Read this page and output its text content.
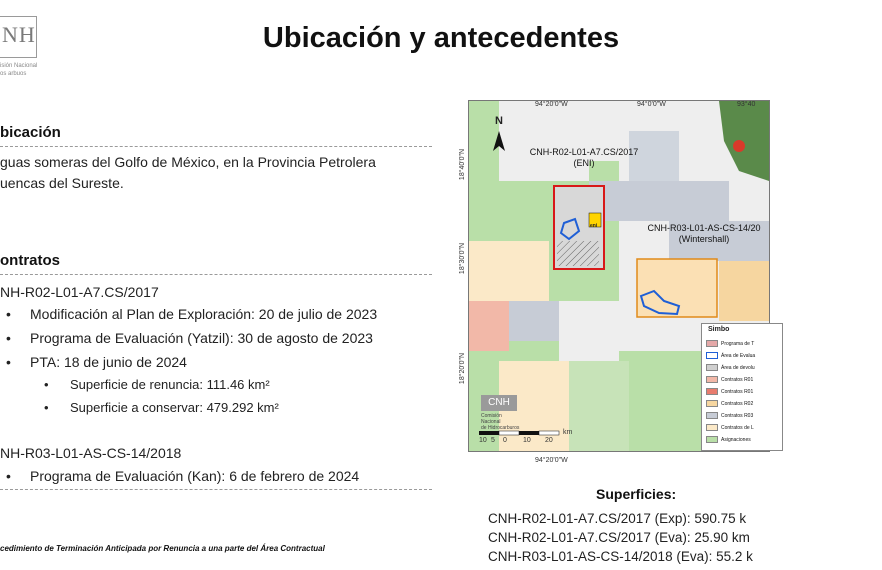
NH
isión Nacional
os arbuos
Ubicación y antecedentes
bicación
guas someras del Golfo de México, en la Provincia Petrolera
uencas del Sureste.
ontratos
NH-R02-L01-A7.CS/2017
• Modificación al Plan de Exploración: 20 de julio de 2023
• Programa de Evaluación (Yatzil): 30 de agosto de 2023
• PTA: 18 de junio de 2024
• Superficie de renuncia: 111.46 km²
• Superficie a conservar: 479.292 km²
NH-R03-L01-AS-CS-14/2018
• Programa de Evaluación (Kan): 6 de febrero de 2024
cedimiento de Terminación Anticipada por Renuncia a una parte del Área Contractual
94°20'0"W	94°0'0"W	93°40
94°20'0"W
18°40'0"N
18°30'0"N
18°20'0"N
N
CNH-R02-L01-A7.CS/2017
(ENI)
eni	CNH-R03-L01-AS-CS-14/20
(Wintershall)
Simbo
Programa de T
Área de Evalua
Área de devolu
Contratos R01
Contratos R01
Contratos R02
Contratos R03
Contratos de L
Asignaciones
CNH
Comisión Nacional
de Hidrocarburos
10 5 0 10 20
km
Superficies:
CNH-R02-L01-A7.CS/2017 (Exp): 590.75 k
CNH-R02-L01-A7.CS/2017 (Eva): 25.90 km
CNH-R03-L01-AS-CS-14/2018 (Eva): 55.2 k
